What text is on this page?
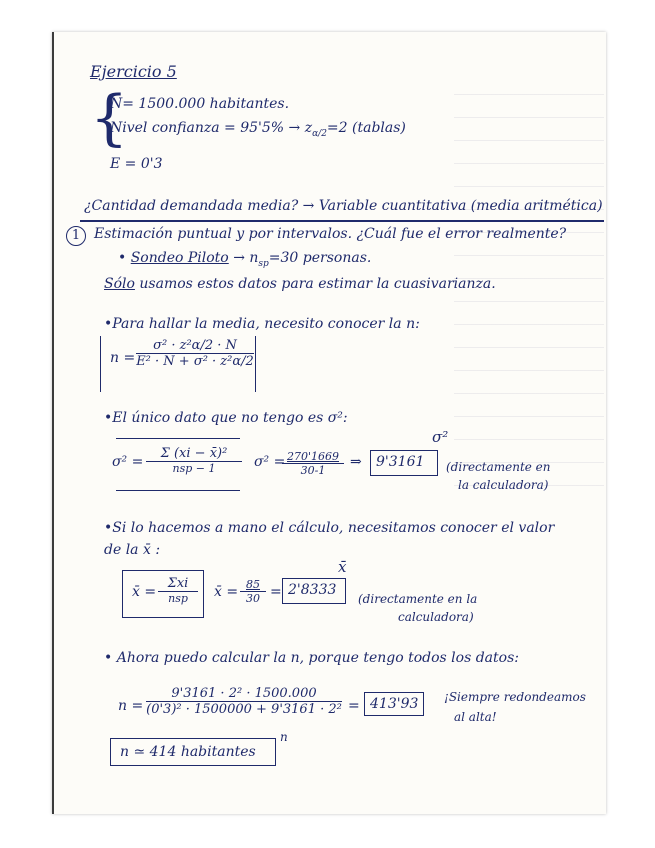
Ejercicio 5
{
N= 1500.000 habitantes.
Nivel confianza = $95'5\% \to z_{\alpha/2}=2$ (tablas)
E = 0'3
¿Cantidad demandada media? → Variable cuantitativa (media aritmética)
1 Estimación puntual y por intervalos. ¿Cuál fue el error realmente?
• Sondeo Piloto → $n_{sp}=30$ personas.
Sólo usamos estos datos para estimar la cuasivarianza.
•Para hallar la media, necesito conocer la n:
$n = \frac{\text{σ² · z²α/2 · N}}{\text{E² · N + σ² · z²α/2}}$
•El único dato que no tengo es σ²:
σ² =
Σ (xi − x̄)²
nsp − 1	σ² =
$\frac{270'1669}{30-1}$ ⇒ 9'3161
σ²
(directamente en
la calculadora)
•Si lo hacemos a mano el cálculo, necesitamos conocer el valor
de la x̄ :
x̄ =
Σxi
nsp	x̄ = $\frac{85}{30} = 2'8333$
x̄
(directamente en la
calculadora)
• Ahora puedo calcular la n, porque tengo todos los datos:
$n = \frac{\text{9'3161 · 2² · 1500.000}}{\text{(0'3)² · 1500000 + 9'3161 · 2²}} = 413'93$ ¡Siempre redondeamos
al alta!
n ≃ 414 habitantes
n
